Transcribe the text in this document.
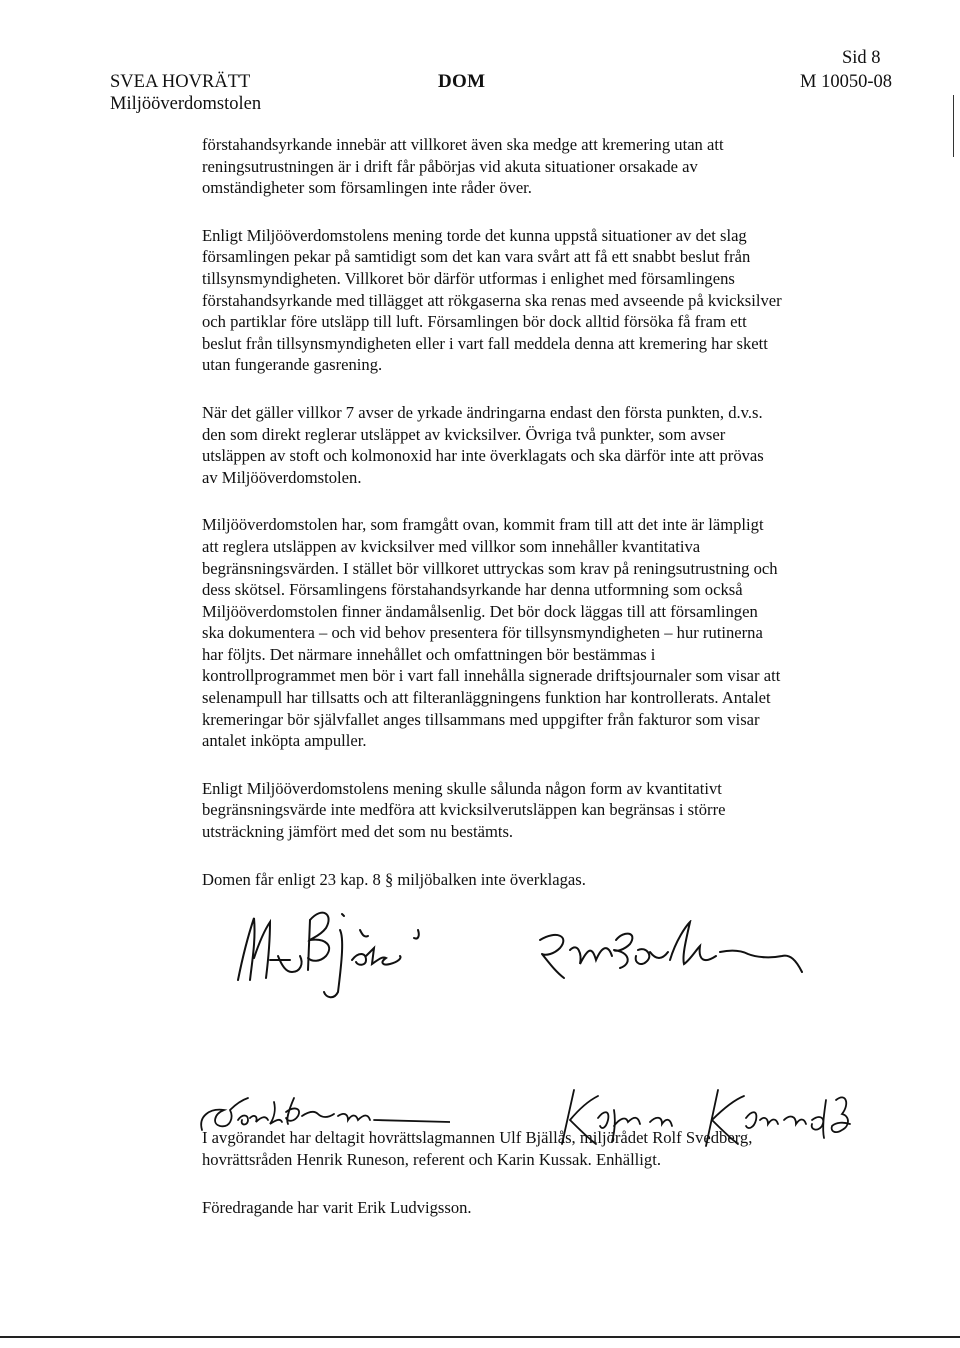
SVEA HOVRÄTT
Miljööverdomstolen
DOM
Sid 8
M 10050-08

förstahandsyrkande innebär att villkoret även ska medge att kremering utan att
reningsutrustningen är i drift får påbörjas vid akuta situationer orsakade av
omständigheter som församlingen inte råder över.

Enligt Miljööverdomstolens mening torde det kunna uppstå situationer av det slag
församlingen pekar på samtidigt som det kan vara svårt att få ett snabbt beslut från
tillsynsmyndigheten. Villkoret bör därför utformas i enlighet med församlingens
förstahandsyrkande med tillägget att rökgaserna ska renas med avseende på kvicksilver
och partiklar före utsläpp till luft. Församlingen bör dock alltid försöka få fram ett
beslut från tillsynsmyndigheten eller i vart fall meddela denna att kremering har skett
utan fungerande gasrening.

När det gäller villkor 7 avser de yrkade ändringarna endast den första punkten, d.v.s.
den som direkt reglerar utsläppet av kvicksilver. Övriga två punkter, som avser
utsläppen av stoft och kolmonoxid har inte överklagats och ska därför inte att prövas
av Miljööverdomstolen.

Miljööverdomstolen har, som framgått ovan, kommit fram till att det inte är lämpligt
att reglera utsläppen av kvicksilver med villkor som innehåller kvantitativa
begränsningsvärden. I stället bör villkoret uttryckas som krav på reningsutrustning och
dess skötsel. Församlingens förstahandsyrkande har denna utformning som också
Miljööverdomstolen finner ändamålsenlig. Det bör dock läggas till att församlingen
ska dokumentera – och vid behov presentera för tillsynsmyndigheten – hur rutinerna
har följts. Det närmare innehållet och omfattningen bör bestämmas i
kontrollprogrammet men bör i vart fall innehålla signerade driftsjournaler som visar att
selenampull har tillsatts och att filteranläggningens funktion har kontrollerats. Antalet
kremeringar bör självfallet anges tillsammans med uppgifter från fakturor som visar
antalet inköpta ampuller.

Enligt Miljööverdomstolens mening skulle sålunda någon form av kvantitativt
begränsningsvärde inte medföra att kvicksilverutsläppen kan begränsas i större
utsträckning jämfört med det som nu bestämts.

Domen får enligt 23 kap. 8 § miljöbalken inte överklagas.

I avgörandet har deltagit hovrättslagmannen Ulf Bjällås, miljörådet Rolf Svedberg,
hovrättsråden Henrik Runeson, referent och Karin Kussak. Enhälligt.

Föredragande har varit Erik Ludvigsson.
